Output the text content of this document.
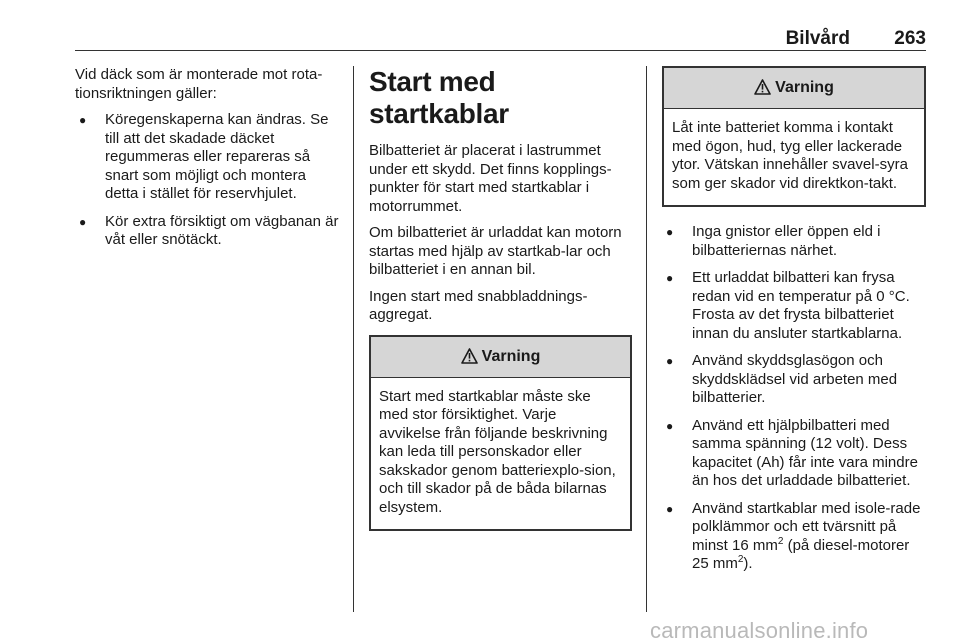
Bilvård	263

Vid däck som är monterade mot rota-tionsriktningen gäller:

● Köregenskaperna kan ändras. Se till att det skadade däcket regummeras eller repareras så snart som möjligt och montera detta i stället för reservhjulet.
● Kör extra försiktigt om vägbanan är våt eller snötäckt.
Start med startkablar

Bilbatteriet är placerat i lastrummet under ett skydd. Det finns kopplings-punkter för start med startkablar i motorrummet.

Om bilbatteriet är urladdat kan motorn startas med hjälp av startkab-lar och bilbatteriet i en annan bil.

Ingen start med snabbladdnings-aggregat.

Varning
Start med startkablar måste ske med stor försiktighet. Varje avvikelse från följande beskrivning kan leda till personskador eller sakskador genom batteriexplo-sion, och till skador på de båda bilarnas elsystem.
Varning
Låt inte batteriet komma i kontakt med ögon, hud, tyg eller lackerade ytor. Vätskan innehåller svavel-syra som ger skador vid direktkon-takt.
● Inga gnistor eller öppen eld i bilbatteriernas närhet.
● Ett urladdat bilbatteri kan frysa redan vid en temperatur på 0 °C. Frosta av det frysta bilbatteriet innan du ansluter startkablarna.
● Använd skyddsglasögon och skyddsklädsel vid arbeten med bilbatterier.
● Använd ett hjälpbilbatteri med samma spänning (12 volt). Dess kapacitet (Ah) får inte vara mindre än hos det urladdade bilbatteriet.
● Använd startkablar med isole-rade polklämmor och ett tvärsnitt på minst 16 $mm^2$ (på diesel-motorer 25 $mm^2$).
carmanualsonline.info
